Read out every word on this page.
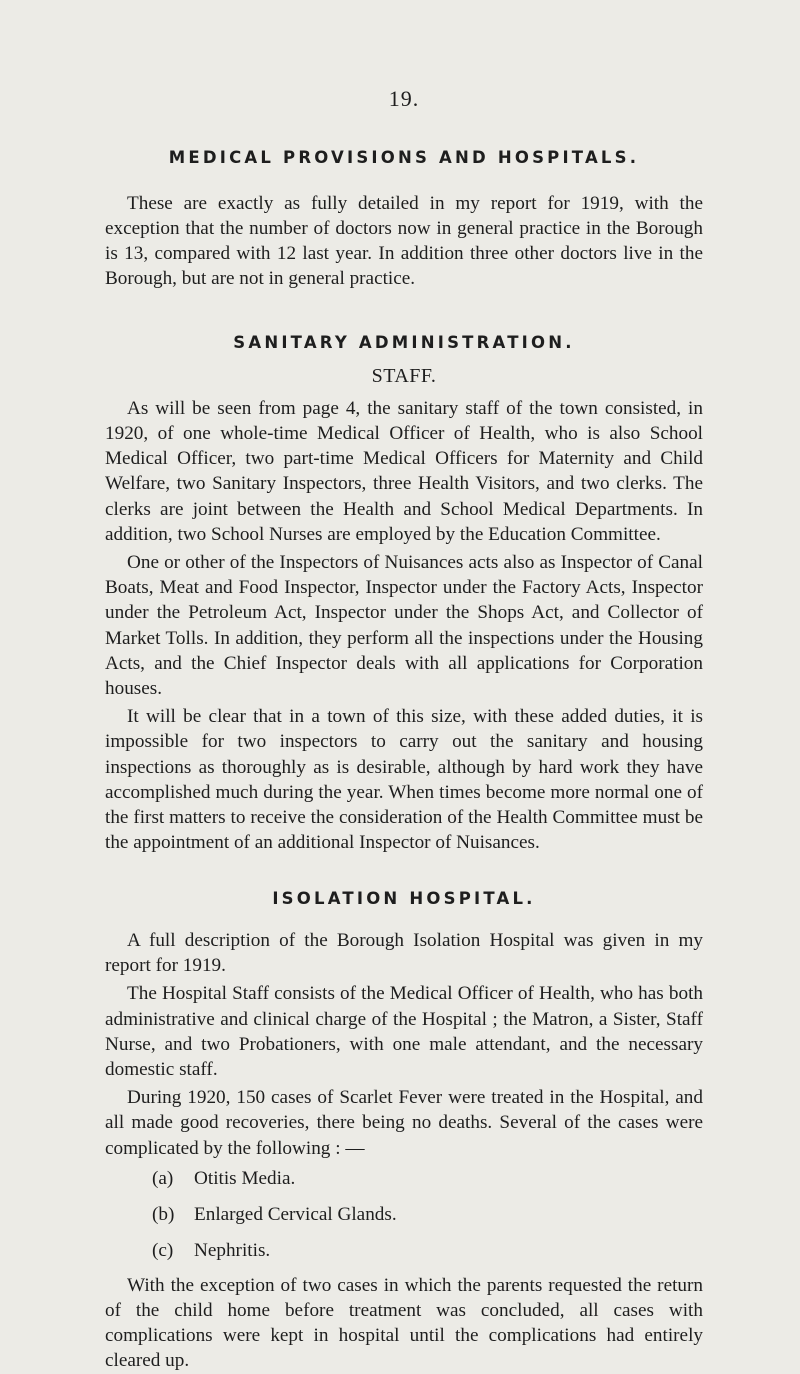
19.

MEDICAL PROVISIONS AND HOSPITALS.

These are exactly as fully detailed in my report for 1919, with the exception that the number of doctors now in general practice in the Borough is 13, compared with 12 last year. In addition three other doctors live in the Borough, but are not in general practice.

SANITARY ADMINISTRATION.

STAFF.

As will be seen from page 4, the sanitary staff of the town consisted, in 1920, of one whole-time Medical Officer of Health, who is also School Medical Officer, two part-time Medical Officers for Maternity and Child Welfare, two Sanitary Inspectors, three Health Visitors, and two clerks. The clerks are joint between the Health and School Medical Departments. In addition, two School Nurses are employed by the Education Committee.

One or other of the Inspectors of Nuisances acts also as Inspector of Canal Boats, Meat and Food Inspector, Inspector under the Factory Acts, Inspector under the Petroleum Act, Inspector under the Shops Act, and Collector of Market Tolls. In addition, they perform all the inspections under the Housing Acts, and the Chief Inspector deals with all applications for Corporation houses.

It will be clear that in a town of this size, with these added duties, it is impossible for two inspectors to carry out the sanitary and housing inspections as thoroughly as is desirable, although by hard work they have accomplished much during the year. When times become more normal one of the first matters to receive the consideration of the Health Committee must be the appointment of an additional Inspector of Nuisances.

ISOLATION HOSPITAL.

A full description of the Borough Isolation Hospital was given in my report for 1919.

The Hospital Staff consists of the Medical Officer of Health, who has both administrative and clinical charge of the Hospital ; the Matron, a Sister, Staff Nurse, and two Probationers, with one male attendant, and the necessary domestic staff.

During 1920, 150 cases of Scarlet Fever were treated in the Hospital, and all made good recoveries, there being no deaths. Several of the cases were complicated by the following : —

(a) Otitis Media.
(b) Enlarged Cervical Glands.
(c) Nephritis.

With the exception of two cases in which the parents requested the return of the child home before treatment was concluded, all cases with complications were kept in hospital until the complications had entirely cleared up.
